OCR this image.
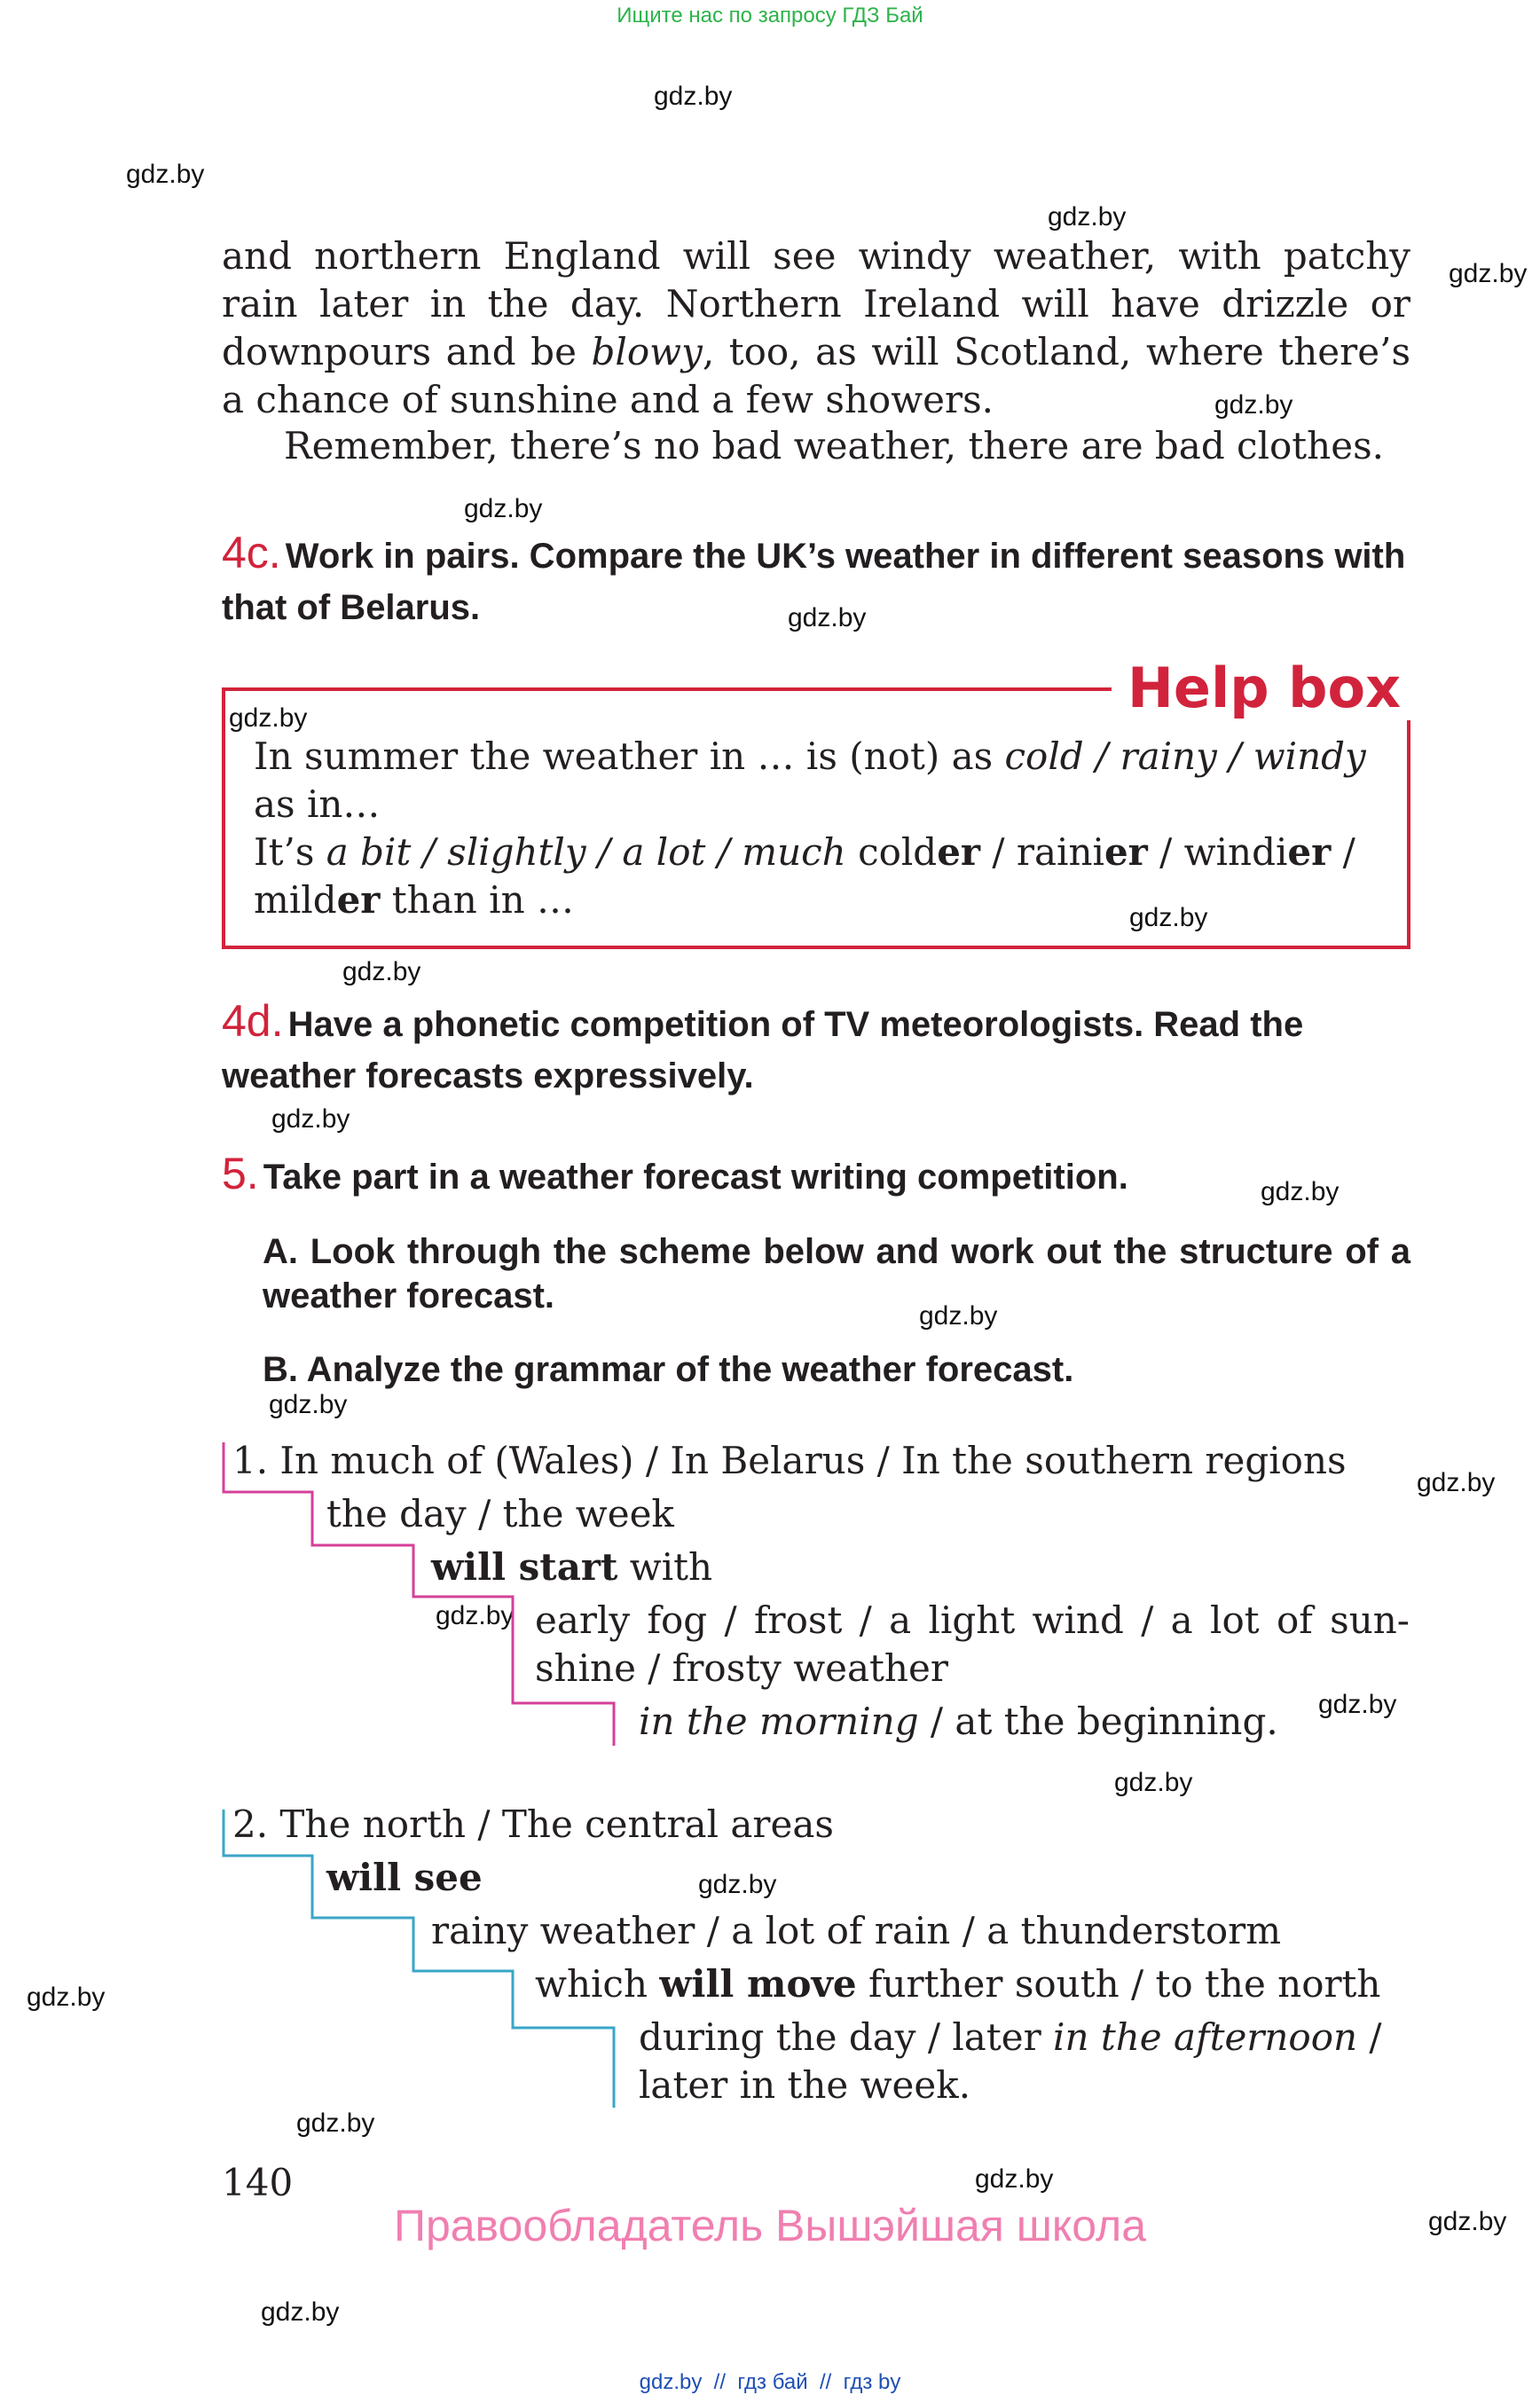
Ищите нас по запросу ГДЗ Бай
gdz.by
gdz.by
gdz.by
gdz.by
gdz.by
gdz.by
gdz.by
gdz.by
gdz.by
gdz.by
gdz.by
gdz.by
gdz.by
gdz.by
gdz.by
gdz.by
gdz.by
gdz.by
gdz.by
gdz.by
gdz.by
gdz.by
gdz.by
gdz.by
and northern England will see windy weather, with patchy rain later in the day. Northern Ireland will have drizzle or downpours and be blowy, too, as will Scotland, where there’s a chance of sunshine and a few showers.
Remember, there’s no bad weather, there are bad clothes.
4c. Work in pairs. Compare the UK’s weather in different seasons with that of Belarus.
Help box
In summer the weather in … is (not) as cold / rainy / windy
as in…
It’s a bit / slightly / a lot / much colder / rainier / windier /
milder than in …
4d. Have a phonetic competition of TV meteorologists. Read the weather forecasts expressively.
5. Take part in a weather forecast writing competition.
A. Look through the scheme below and work out the structure of a weather forecast.
B. Analyze the grammar of the weather forecast.
1. In much of (Wales) / In Belarus / In the southern regions
the day / the week
will start with
early fog / frost / a light wind / a lot of sun-
shine / frosty weather
in the morning / at the beginning.
2. The north / The central areas
will see
rainy weather / a lot of rain / a thunderstorm
which will move further south / to the north
during the day / later in the afternoon /
later in the week.
140
Правообладатель Вышэйшая школа
gdz.by  //  гдз бай  //  гдз by
